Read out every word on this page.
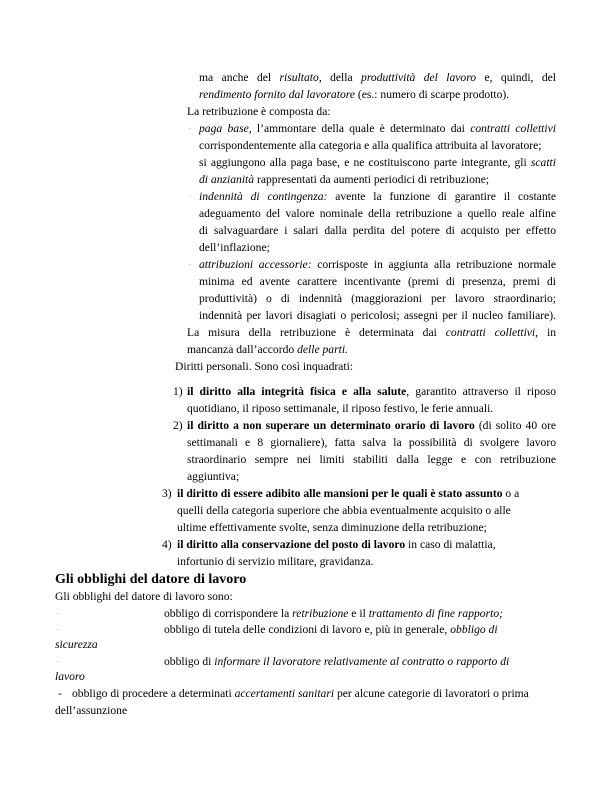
ma anche del risultato, della produttività del lavoro e, quindi, del
rendimento fornito dal lavoratore (es.: numero di scarpe prodotto).
La retribuzione è composta da:
. paga base, l’ammontare della quale è determinato dai contratti collettivi
corrispondentemente alla categoria e alla qualifica attribuita al lavoratore;
si aggiungono alla paga base, e ne costituiscono parte integrante, gli scatti
di anzianità rappresentati da aumenti periodici di retribuzione;
. indennità di contingenza: avente la funzione di garantire il costante
adeguamento del valore nominale della retribuzione a quello reale alfine
di salvaguardare i salari dalla perdita del potere di acquisto per effetto
dell’inflazione;
. attribuzioni accessorie: corrisposte in aggiunta alla retribuzione normale
minima ed avente carattere incentivante (premi di presenza, premi di
produttività) o di indennità (maggiorazioni per lavoro straordinario;
indennità per lavori disagiati o pericolosi; assegni per il nucleo familiare).
La misura della retribuzione è determinata dai contratti collettivi, in
mancanza dall’accordo delle parti.
Diritti personali. Sono così inquadrati:
1) il diritto alla integrità fisica e alla salute, garantito attraverso il riposo
quotidiano, il riposo settimanale, il riposo festivo, le ferie annuali.
2) il diritto a non superare un determinato orario di lavoro (di solito 40 ore
settimanali e 8 giornaliere), fatta salva la possibilità di svolgere lavoro
straordinario sempre nei limiti stabiliti dalla legge e con retribuzione
aggiuntiva;
3) il diritto di essere adibito alle mansioni per le quali è stato assunto o a
quelli della categoria superiore che abbia eventualmente acquisito o alle
ultime effettivamente svolte, senza diminuzione della retribuzione;
4) il diritto alla conservazione del posto di lavoro in caso di malattia,
infortunio di servizio militare, gravidanza.
Gli obblighi del datore di lavoro
Gli obblighi del datore di lavoro sono:
.	obbligo di corrispondere la retribuzione e il trattamento di fine rapporto;
.	obbligo di tutela delle condizioni di lavoro e, più in generale, obbligo di
sicurezza
.	obbligo di informare il lavoratore relativamente al contratto o rapporto di
lavoro
- obbligo di procedere a determinati accertamenti sanitari per alcune categorie di lavoratori o prima
dell’assunzione
